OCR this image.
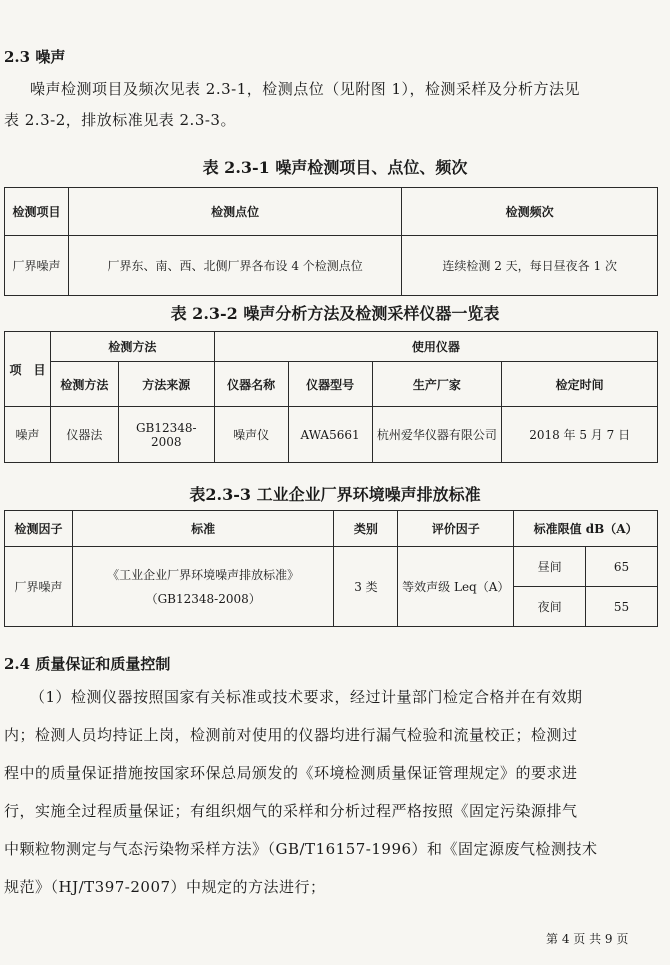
2.3 噪声
噪声检测项目及频次见表 2.3-1，检测点位（见附图 1），检测采样及分析方法见
表 2.3-2，排放标准见表 2.3-3。
表 2.3-1 噪声检测项目、点位、频次
检测项目	检测点位	检测频次
厂界噪声	厂界东、南、西、北侧厂界各布设 4 个检测点位	连续检测 2 天，每日昼夜各 1 次
表 2.3-2 噪声分析方法及检测采样仪器一览表
项　目	检测方法		使用仪器			
	检测方法	方法来源	仪器名称	仪器型号	生产厂家	检定时间
噪声	仪器法	GB12348-2008	噪声仪	AWA5661	杭州爱华仪器有限公司	2018 年 5 月 7 日
表2.3-3 工业企业厂界环境噪声排放标准
检测因子	标准	类别	评价因子	标准限值 dB（A）	
厂界噪声	《工业企业厂界环境噪声排放标准》
（GB12348-2008）	3 类	等效声级 Leq（A）	昼间	65
				夜间	55
2.4 质量保证和质量控制
（1）检测仪器按照国家有关标准或技术要求，经过计量部门检定合格并在有效期
内；检测人员均持证上岗，检测前对使用的仪器均进行漏气检验和流量校正；检测过
程中的质量保证措施按国家环保总局颁发的《环境检测质量保证管理规定》的要求进
行，实施全过程质量保证；有组织烟气的采样和分析过程严格按照《固定污染源排气
中颗粒物测定与气态污染物采样方法》（GB/T16157-1996）和《固定源废气检测技术
规范》（HJ/T397-2007）中规定的方法进行；
第 4 页 共 9 页
